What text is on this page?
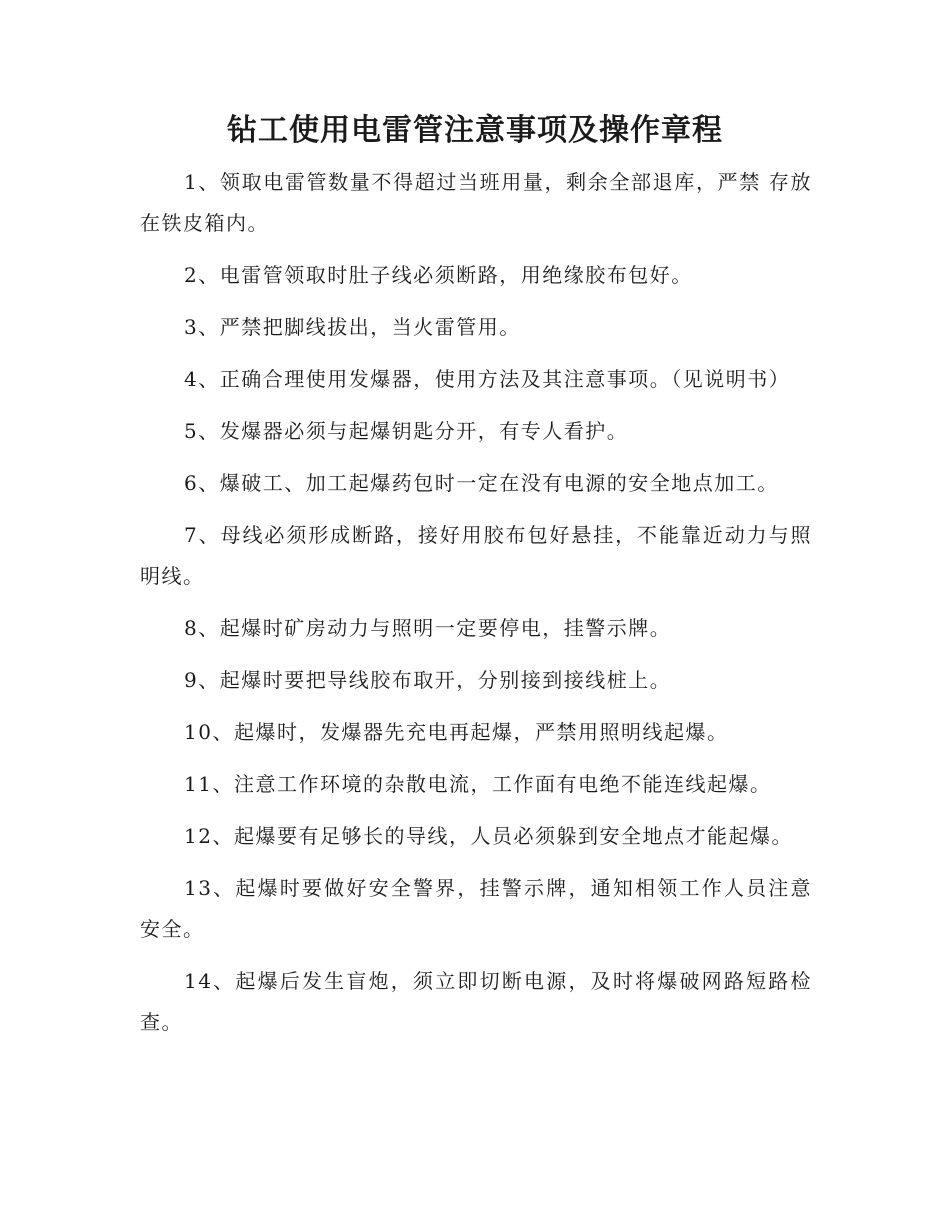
钻工使用电雷管注意事项及操作章程

1、领取电雷管数量不得超过当班用量，剩余全部退库，严禁 存放在铁皮箱内。

2、电雷管领取时肚子线必须断路，用绝缘胶布包好。

3、严禁把脚线拔出，当火雷管用。

4、正确合理使用发爆器，使用方法及其注意事项。（见说明书）

5、发爆器必须与起爆钥匙分开，有专人看护。

6、爆破工、加工起爆药包时一定在没有电源的安全地点加工。

7、母线必须形成断路，接好用胶布包好悬挂，不能靠近动力与照明线。

8、起爆时矿房动力与照明一定要停电，挂警示牌。

9、起爆时要把导线胶布取开，分别接到接线桩上。

10、起爆时，发爆器先充电再起爆，严禁用照明线起爆。

11、注意工作环境的杂散电流，工作面有电绝不能连线起爆。

12、起爆要有足够长的导线，人员必须躲到安全地点才能起爆。

13、起爆时要做好安全警界，挂警示牌，通知相领工作人员注意安全。

14、起爆后发生盲炮，须立即切断电源，及时将爆破网路短路检查。
